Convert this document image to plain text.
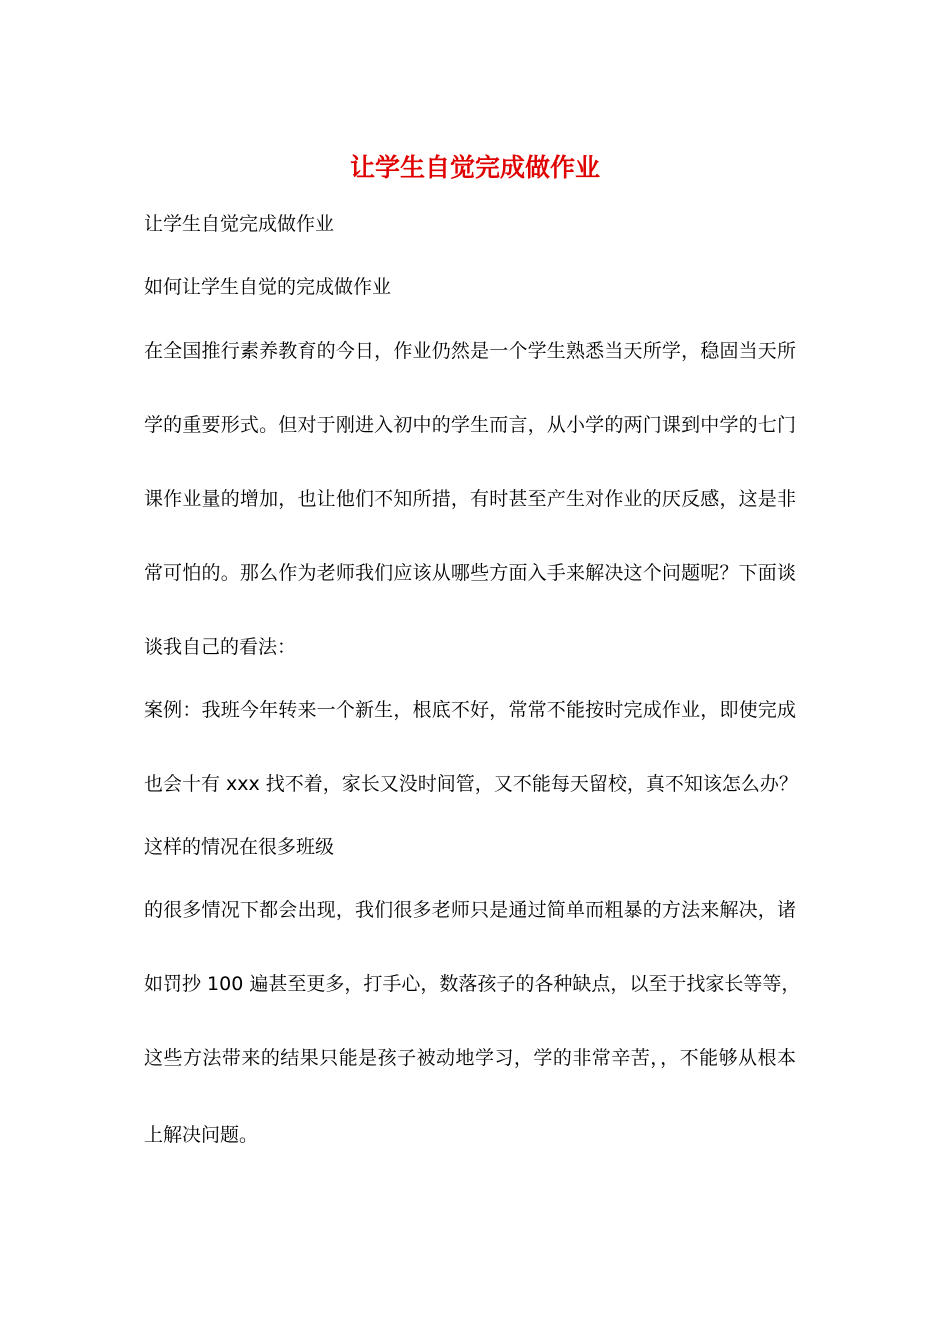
让学生自觉完成做作业
让学生自觉完成做作业
如何让学生自觉的完成做作业
在全国推行素养教育的今日，作业仍然是一个学生熟悉当天所学，稳固当天所
学的重要形式。但对于刚进入初中的学生而言，从小学的两门课到中学的七门
课作业量的增加，也让他们不知所措，有时甚至产生对作业的厌反感，这是非
常可怕的。那么作为老师我们应该从哪些方面入手来解决这个问题呢？下面谈
谈我自己的看法：
案例：我班今年转来一个新生，根底不好，常常不能按时完成作业，即使完成
也会十有 xxx 找不着，家长又没时间管，又不能每天留校，真不知该怎么办？
这样的情况在很多班级
的很多情况下都会出现，我们很多老师只是通过简单而粗暴的方法来解决，诸
如罚抄 100 遍甚至更多，打手心，数落孩子的各种缺点，以至于找家长等等，
这些方法带来的结果只能是孩子被动地学习，学的非常辛苦，，不能够从根本
上解决问题。
